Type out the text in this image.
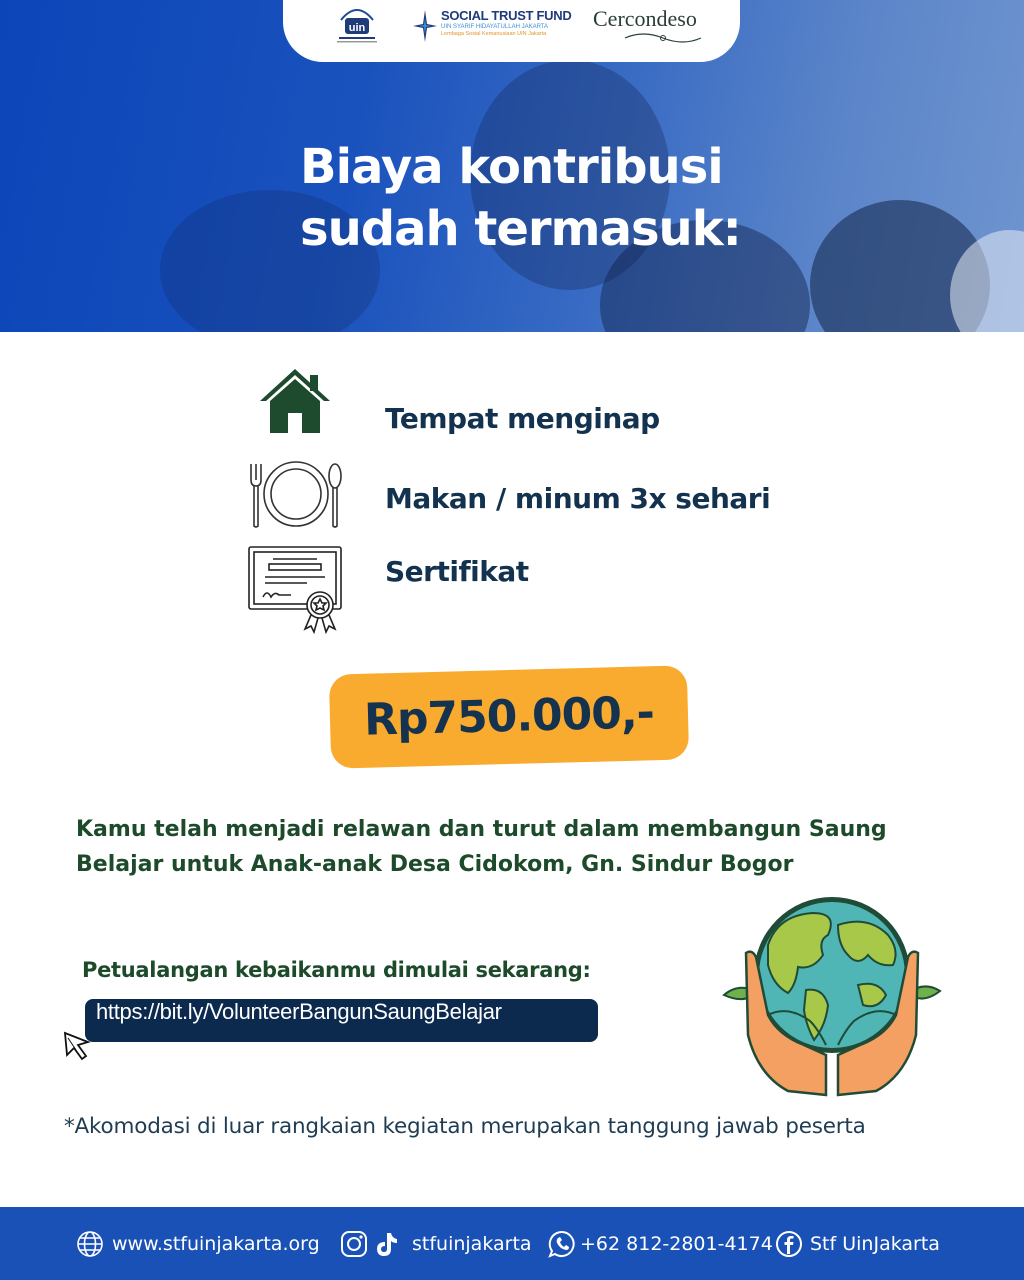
uin
SOCIAL TRUST FUND
UIN SYARIF HIDAYATULLAH JAKARTA
Lembaga Sosial Kemanusiaan UIN Jakarta
Cercondeso
Biaya kontribusi
sudah termasuk:
Tempat menginap
Makan / minum 3x sehari
Sertifikat
Rp750.000,-

Kamu telah menjadi relawan dan turut dalam membangun Saung Belajar untuk Anak-anak Desa Cidokom, Gn. Sindur Bogor

Petualangan kebaikanmu dimulai sekarang:
https://bit.ly/VolunteerBangunSaungBelajar
*Akomodasi di luar rangkaian kegiatan merupakan tanggung jawab peserta
www.stfuinjakarta.org	stfuinjakarta	+62 812-2801-4174 Stf UinJakarta
